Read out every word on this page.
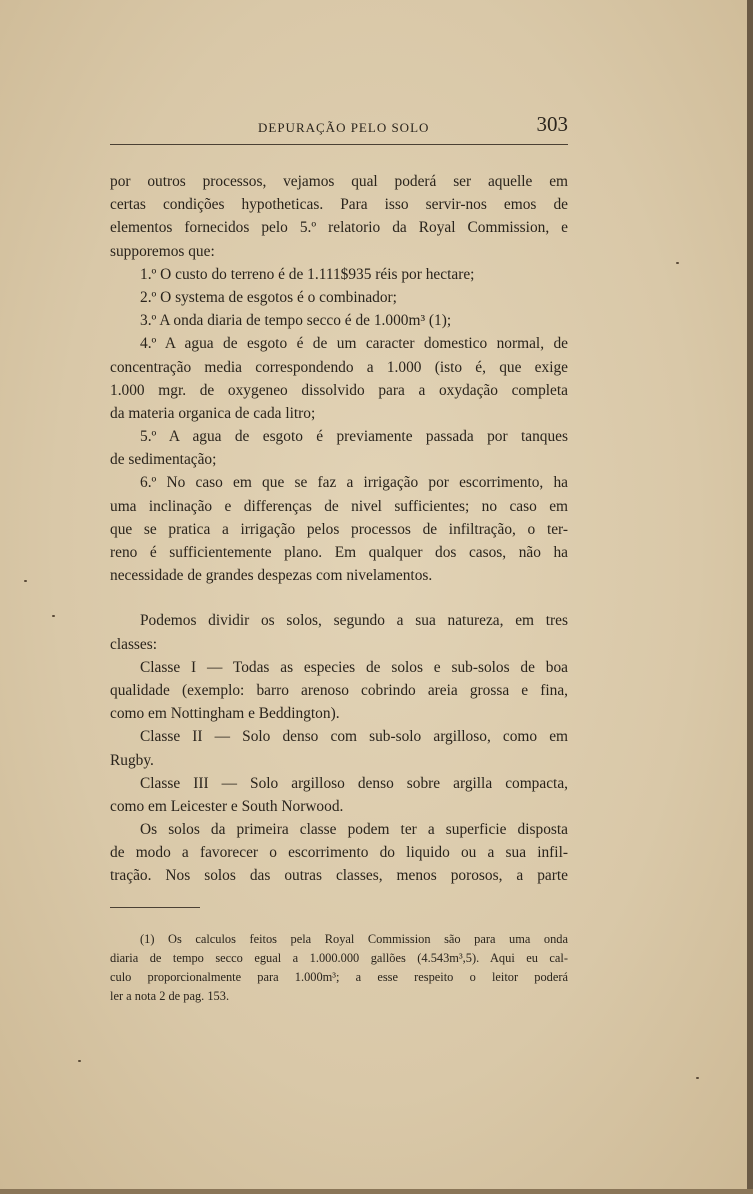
DEPURAÇÃO PELO SOLO	303
por outros processos, vejamos qual poderá ser aquelle em
certas condições hypotheticas. Para isso servir-nos emos de
elementos fornecidos pelo 5.º relatorio da Royal Commission, e
supporemos que:
1.º O custo do terreno é de 1.111$935 réis por hectare;
2.º O systema de esgotos é o combinador;
3.º A onda diaria de tempo secco é de 1.000m³ (1);
4.º A agua de esgoto é de um caracter domestico normal, de
concentração media correspondendo a 1.000 (isto é, que exige
1.000 mgr. de oxygeneo dissolvido para a oxydação completa
da materia organica de cada litro;
5.º A agua de esgoto é previamente passada por tanques
de sedimentação;
6.º No caso em que se faz a irrigação por escorrimento, ha
uma inclinação e differenças de nivel sufficientes; no caso em
que se pratica a irrigação pelos processos de infiltração, o ter-
reno é sufficientemente plano. Em qualquer dos casos, não ha
necessidade de grandes despezas com nivelamentos.
Podemos dividir os solos, segundo a sua natureza, em tres
classes:
Classe I — Todas as especies de solos e sub-solos de boa
qualidade (exemplo: barro arenoso cobrindo areia grossa e fina,
como em Nottingham e Beddington).
Classe II — Solo denso com sub-solo argilloso, como em
Rugby.
Classe III — Solo argilloso denso sobre argilla compacta,
como em Leicester e South Norwood.
Os solos da primeira classe podem ter a superficie disposta
de modo a favorecer o escorrimento do liquido ou a sua infil-
tração. Nos solos das outras classes, menos porosos, a parte
(1) Os calculos feitos pela Royal Commission são para uma onda
diaria de tempo secco egual a 1.000.000 gallões (4.543m³,5). Aqui eu cal-
culo proporcionalmente para 1.000m³; a esse respeito o leitor poderá
ler a nota 2 de pag. 153.
